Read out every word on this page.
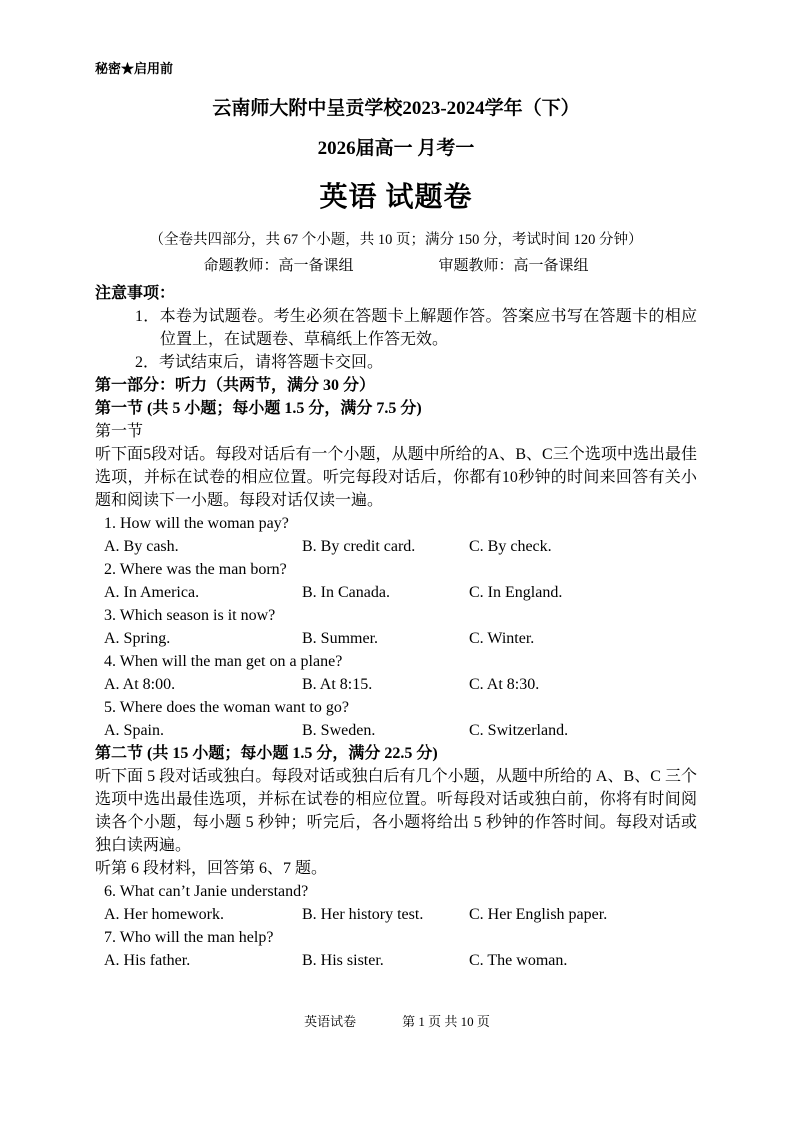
秘密★启用前
云南师大附中呈贡学校2023-2024学年（下）
2026届高一 月考一
英语 试题卷
（全卷共四部分，共 67 个小题，共 10 页；满分 150 分，考试时间 120 分钟）
命题教师：高一备课组	审题教师：高一备课组
注意事项：
1．本卷为试题卷。考生必须在答题卡上解题作答。答案应书写在答题卡的相应位置上，在试题卷、草稿纸上作答无效。
2．考试结束后，请将答题卡交回。
第一部分：听力（共两节，满分 30 分）
第一节 (共 5 小题；每小题 1.5 分，满分 7.5 分)
第一节
听下面5段对话。每段对话后有一个小题，从题中所给的A、B、C三个选项中选出最佳选项，并标在试卷的相应位置。听完每段对话后，你都有10秒钟的时间来回答有关小题和阅读下一小题。每段对话仅读一遍。
1. How will the woman pay?
A. By cash.	B. By credit card.	C. By check.
2. Where was the man born?
A. In America.	B. In Canada.	C. In England.
3. Which season is it now?
A. Spring.	B. Summer.	C. Winter.
4. When will the man get on a plane?
A. At 8:00.	B. At 8:15.	C. At 8:30.
5. Where does the woman want to go?
A. Spain.	B. Sweden.	C. Switzerland.
第二节 (共 15 小题；每小题 1.5 分，满分 22.5 分)
听下面 5 段对话或独白。每段对话或独白后有几个小题，从题中所给的 A、B、C 三个选项中选出最佳选项，并标在试卷的相应位置。听每段对话或独白前，你将有时间阅读各个小题，每小题 5 秒钟；听完后，各小题将给出 5 秒钟的作答时间。每段对话或独白读两遍。
听第 6 段材料，回答第 6、7 题。
6. What can’t Janie understand?
A. Her homework.	B. Her history test.	C. Her English paper.
7. Who will the man help?
A. His father.	B. His sister.	C. The woman.
英语试卷	第 1 页 共 10 页
